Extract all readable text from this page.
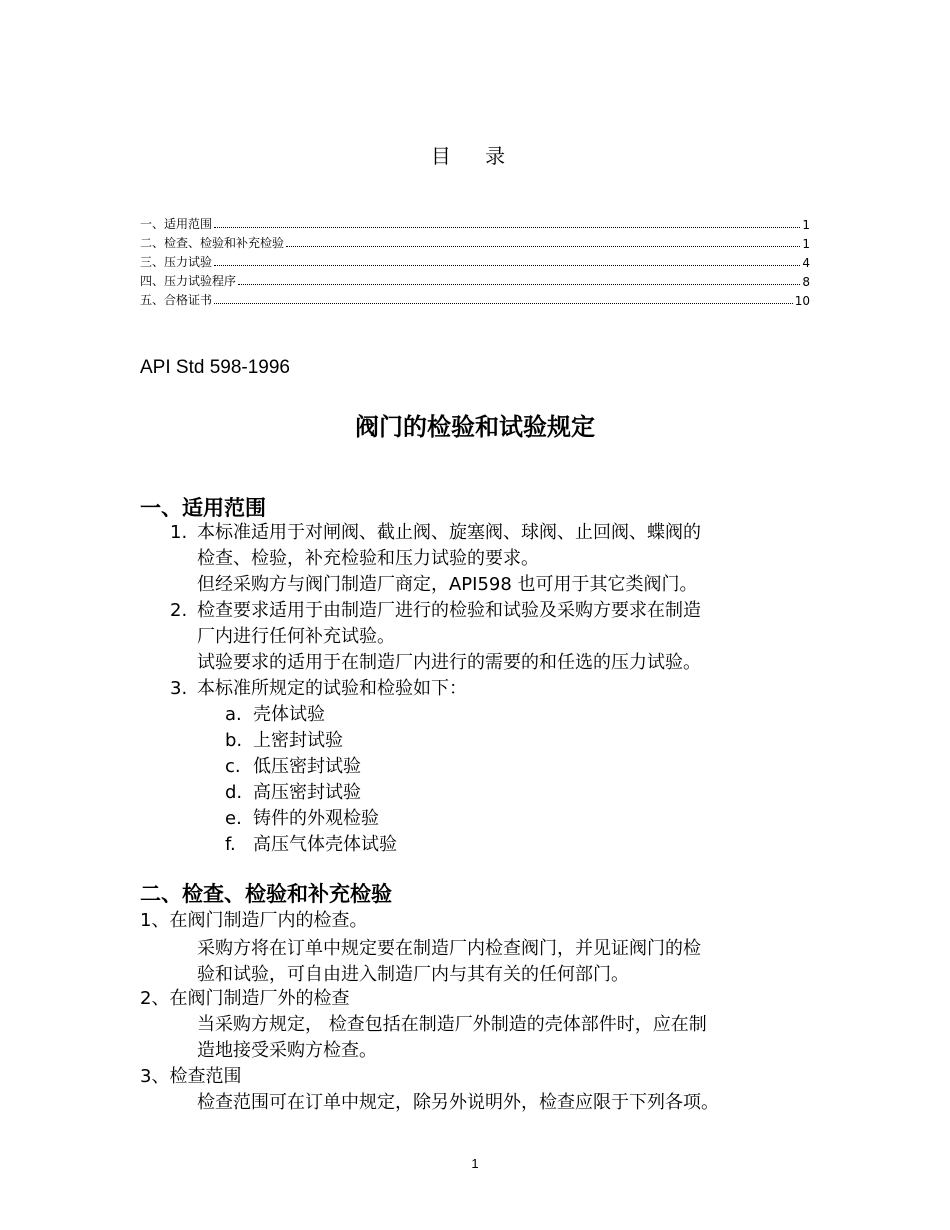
目 录
一、适用范围	1
二、检查、检验和补充检验	1
三、压力试验	4
四、压力试验程序	8
五、合格证书	10
API Std 598-1996
阀门的检验和试验规定
一、适用范围
1. 本标准适用于对闸阀、截止阀、旋塞阀、球阀、止回阀、蝶阀的
检查、检验，补充检验和压力试验的要求。
但经采购方与阀门制造厂商定，API598 也可用于其它类阀门。
2. 检查要求适用于由制造厂进行的检验和试验及采购方要求在制造
厂内进行任何补充试验。
试验要求的适用于在制造厂内进行的需要的和任选的压力试验。
3. 本标准所规定的试验和检验如下：
a. 壳体试验
b. 上密封试验
c. 低压密封试验
d. 高压密封试验
e. 铸件的外观检验
f. 高压气体壳体试验
二、检查、检验和补充检验
1、在阀门制造厂内的检查。
采购方将在订单中规定要在制造厂内检查阀门，并见证阀门的检
验和试验，可自由进入制造厂内与其有关的任何部门。
2、在阀门制造厂外的检查
当采购方规定， 检查包括在制造厂外制造的壳体部件时，应在制
造地接受采购方检查。
3、检查范围
检查范围可在订单中规定，除另外说明外，检查应限于下列各项。
1
